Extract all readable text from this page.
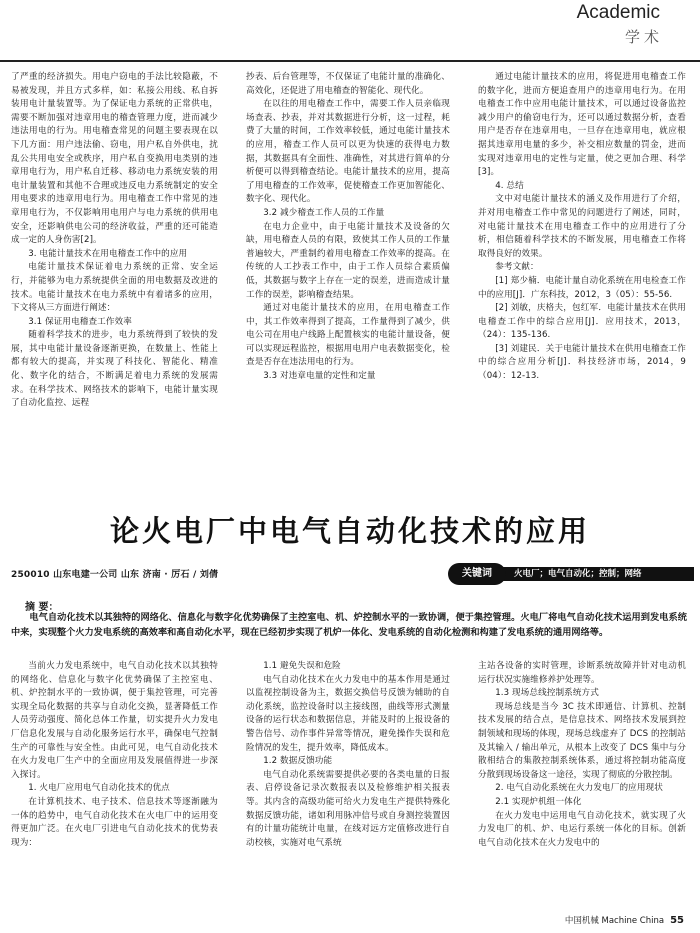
Academic
学术

了严重的经济损失。用电户窃电的手法比较隐蔽，不易被发现，并且方式多样，如：私接公用线、私自拆装用电计量装置等。为了保证电力系统的正常供电，需要不断加强对违章用电的稽查管理力度，进而减少违法用电的行为。用电稽查常见的问题主要表现在以下几方面：用户违法偷、窃电，用户私自外供电，扰乱公共用电安全或秩序，用户私自变换用电类别的违章用电行为，用户私自迁移、移动电力系统安装的用电计量装置和其他不合理或违反电力系统制定的安全用电要求的违章用电行为。用电稽查工作中常见的违章用电行为，不仅影响用电用户与电力系统的供用电安全，还影响供电公司的经济收益，严重的还可能造成一定的人身伤害[2]。

3. 电能计量技术在用电稽查工作中的应用

电能计量技术保证着电力系统的正常、安全运行，并能够为电力系统提供全面的用电数据及改进的技术。电能计量技术在电力系统中有着诸多的应用，下文将从三方面进行阐述：

3.1 保证用电稽查工作效率

随着科学技术的进步，电力系统得到了较快的发展，其中电能计量设备逐渐更换，在数量上、性能上都有较大的提高，并实现了科技化、智能化、精准化、数字化的结合，不断满足着电力系统的发展需求。在科学技术、网络技术的影响下，电能计量实现了自动化监控、远程

抄表、后台管理等，不仅保证了电能计量的准确化、高效化，还促进了用电稽查的智能化、现代化。

在以往的用电稽查工作中，需要工作人员亲临现场查表、抄表，并对其数据进行分析，这一过程，耗费了大量的时间，工作效率较低，通过电能计量技术的应用，稽查工作人员可以更为快速的获得电力数据，其数据具有全面性、准确性，对其进行简单的分析便可以得到稽查结论。电能计量技术的应用，提高了用电稽查的工作效率，促使稽查工作更加智能化、数字化、现代化。

3.2 减少稽查工作人员的工作量

在电力企业中，由于电能计量技术及设备的欠缺，用电稽查人员的有限，致使其工作人员的工作量普遍较大，严重制约着用电稽查工作效率的提高。在传统的人工抄表工作中，由于工作人员综合素质偏低，其数据与数字上存在一定的误差，进而造成计量工作的误差，影响稽查结果。

通过对电能计量技术的应用，在用电稽查工作中，其工作效率得到了提高，工作量得到了减少，供电公司在用电户线路上配置核实的电能计量设备，便可以实现远程监控，根据用电用户电表数据变化，检查是否存在违法用电的行为。

3.3 对违章电量的定性和定量

通过电能计量技术的应用，将促进用电稽查工作的数字化，进而方便追查用户的违章用电行为。在用电稽查工作中应用电能计量技术，可以通过设备监控减少用户的偷窃电行为，还可以通过数据分析，查看用户是否存在违章用电，一旦存在违章用电，就应根据其违章用电量的多少，补交相应数量的罚金，进而实现对违章用电的定性与定量，使之更加合理、科学[3]。

4. 总结

文中对电能计量技术的涵义及作用进行了介绍，并对用电稽查工作中常见的问题进行了阐述，同时，对电能计量技术在用电稽查工作中的应用进行了分析，相信随着科学技术的不断发展，用电稽查工作将取得良好的效果。

参考文献：

[1] 郑少楠．电能计量自动化系统在用电检查工作中的应用[J]．广东科技，2012，3（05）：55-56.

[2] 刘敏，庆格夫，包红军．电能计量技术在供用电稽查工作中的综合应用[J]．应用技术，2013，（24）：135-136.

[3] 刘建民．关于电能计量技术在供用电稽查工作中的综合应用分析[J]．科技经济市场，2014，9（04）：12-13.

论火电厂中电气自动化技术的应用
250010 山东电建一公司 山东 济南 · 厉石 / 刘倩	火电厂；电气自动化；控制；网络
关键词
摘 要：
电气自动化技术以其独特的网络化、信息化与数字化优势确保了主控室电、机、炉控制水平的一致协调，便于集控管理。火电厂将电气自动化技术运用到发电系统中来，实现整个火力发电系统的高效率和高自动化水平，现在已经初步实现了机炉一体化、发电系统的自动化检测和构建了发电系统的通用网络等。

当前火力发电系统中，电气自动化技术以其独特的网络化、信息化与数字化优势确保了主控室电、机、炉控制水平的一致协调，便于集控管理，可完善实现全局化数据的共享与自动化交换，显著降低工作人员劳动强度、简化总体工作量，切实提升火力发电厂信息化发展与自动化服务运行水平，确保电气控制生产的可靠性与安全性。由此可见，电气自动化技术在火力发电厂生产中的全面应用及发展值得进一步深入探讨。

1. 火电厂应用电气自动化技术的优点

在计算机技术、电子技术、信息技术等逐渐融为一体的趋势中，电气自动化技术在火电厂中的运用变得更加广泛。在火电厂引进电气自动化技术的优势表现为：

1.1 避免失误和危险

电气自动化技术在火力发电中的基本作用是通过以监视控制设备为主，数据交换信号反馈为辅助的自动化系统，监控设备时以主接线图，曲线等形式测量设备的运行状态和数据信息，并能及时的上报设备的警告信号、动作事件异常等情况，避免操作失误和危险情况的发生，提升效率，降低成本。

1.2 数据反馈功能

电气自动化系统需要提供必要的各类电量的日报表、启停设备记录次数报表以及检修维护相关报表等。其内含的高级功能可给火力发电生产提供特殊化数据反馈功能，诸如利用脉冲信号或自身测控装置因有的计量功能统计电量，在线对远方定值修改进行自动校核，实施对电气系统

主站各设备的实时管理，诊断系统故障并针对电动机运行状况实施维修养护处理等。

1.3 现场总线控制系统方式

现场总线是当今 3C 技术即通信、计算机、控制技术发展的结合点，是信息技术、网络技术发展到控制领域和现场的体现，现场总线虚弃了 DCS 的控制站及其输入 / 输出单元，从根本上改变了 DCS 集中与分散相结合的集散控制系统体系，通过将控制功能高度分散到现场设备这一途径，实现了彻底的分散控制。

2. 电气自动化系统在火力发电厂的应用现状

2.1 实现炉机组一体化

在火力发电中运用电气自动化技术，就实现了火力发电厂的机、炉、电运行系统一体化的目标。创新电气自动化技术在火力发电中的

中国机械 Machine China 55
